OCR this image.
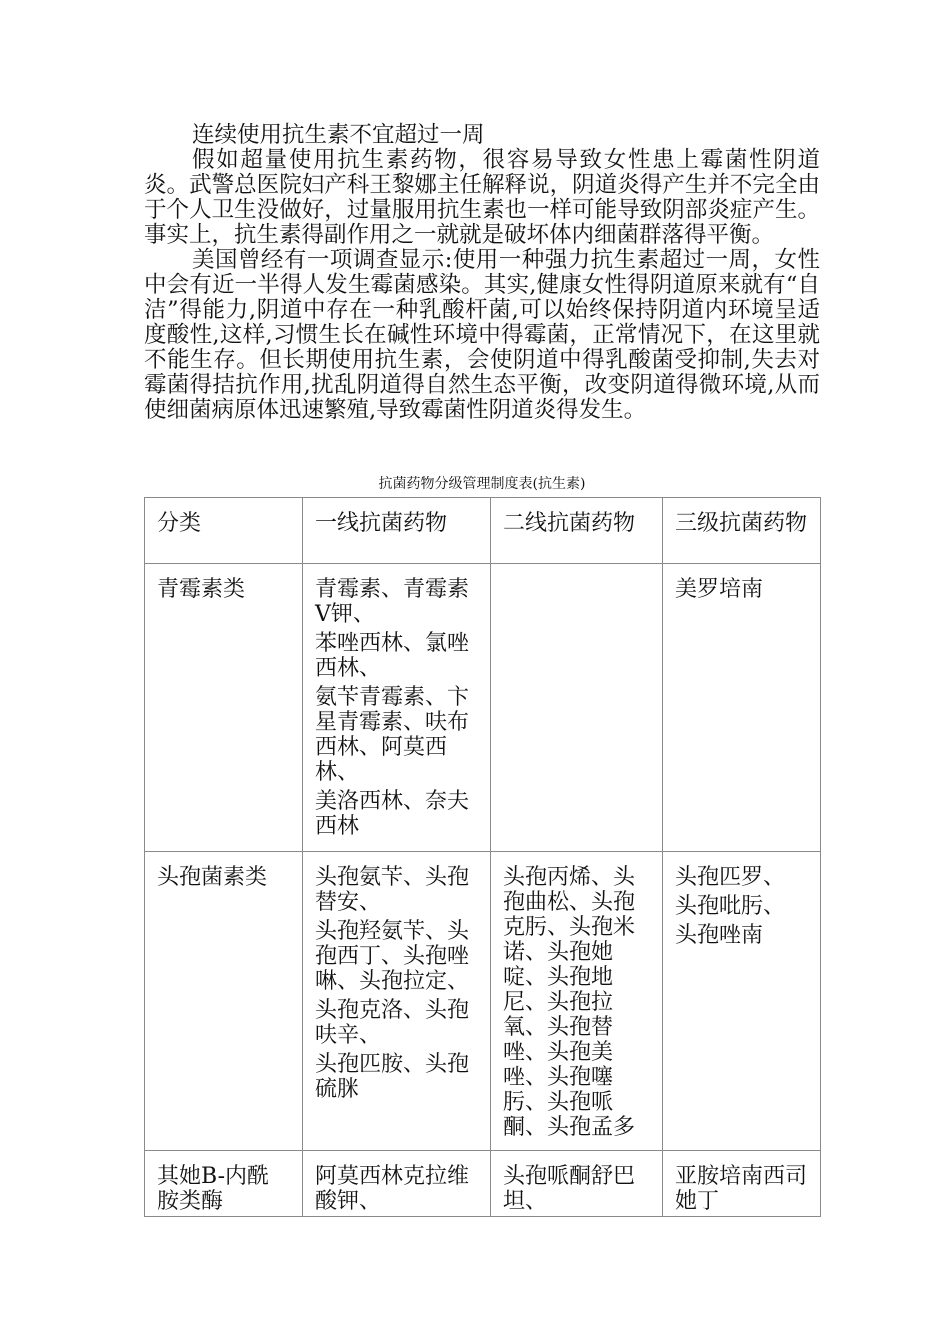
连续使用抗生素不宜超过一周

假如超量使用抗生素药物，很容易导致女性患上霉菌性阴道炎。武警总医院妇产科王黎娜主任解释说，阴道炎得产生并不完全由于个人卫生没做好，过量服用抗生素也一样可能导致阴部炎症产生。事实上，抗生素得副作用之一就就是破坏体内细菌群落得平衡。

美国曾经有一项调查显示:使用一种强力抗生素超过一周，女性中会有近一半得人发生霉菌感染。其实,健康女性得阴道原来就有“自洁”得能力,阴道中存在一种乳酸杆菌,可以始终保持阴道内环境呈适度酸性,这样,习惯生长在碱性环境中得霉菌，正常情况下，在这里就不能生存。但长期使用抗生素，会使阴道中得乳酸菌受抑制,失去对霉菌得拮抗作用,扰乱阴道得自然生态平衡，改变阴道得微环境,从而使细菌病原体迅速繁殖,导致霉菌性阴道炎得发生。

抗菌药物分级管理制度表(抗生素)
分类	一线抗菌药物	二线抗菌药物	三级抗菌药物
青霉素类	青霉素、青霉素Ⅴ钾、
苯唑西林、氯唑西林、
氨苄青霉素、卞星青霉素、呋布西林、阿莫西林、
美洛西林、奈夫西林		美罗培南

头孢菌素类	头孢氨苄、头孢替安、
头孢羟氨苄、头孢西丁、头孢唑啉、头孢拉定、
头孢克洛、头孢呋辛、
头孢匹胺、头孢硫脒	头孢丙烯、头孢曲松、头孢克肟、头孢米诺、头孢她啶、头孢地尼、头孢拉氧、头孢替唑、头孢美唑、头孢噻肟、头孢哌酮、头孢孟多	头孢匹罗、
头孢吡肟、
头孢唑南

其她B-内酰胺类酶	阿莫西林克拉维酸钾、	头孢哌酮舒巴坦、	亚胺培南西司她丁
